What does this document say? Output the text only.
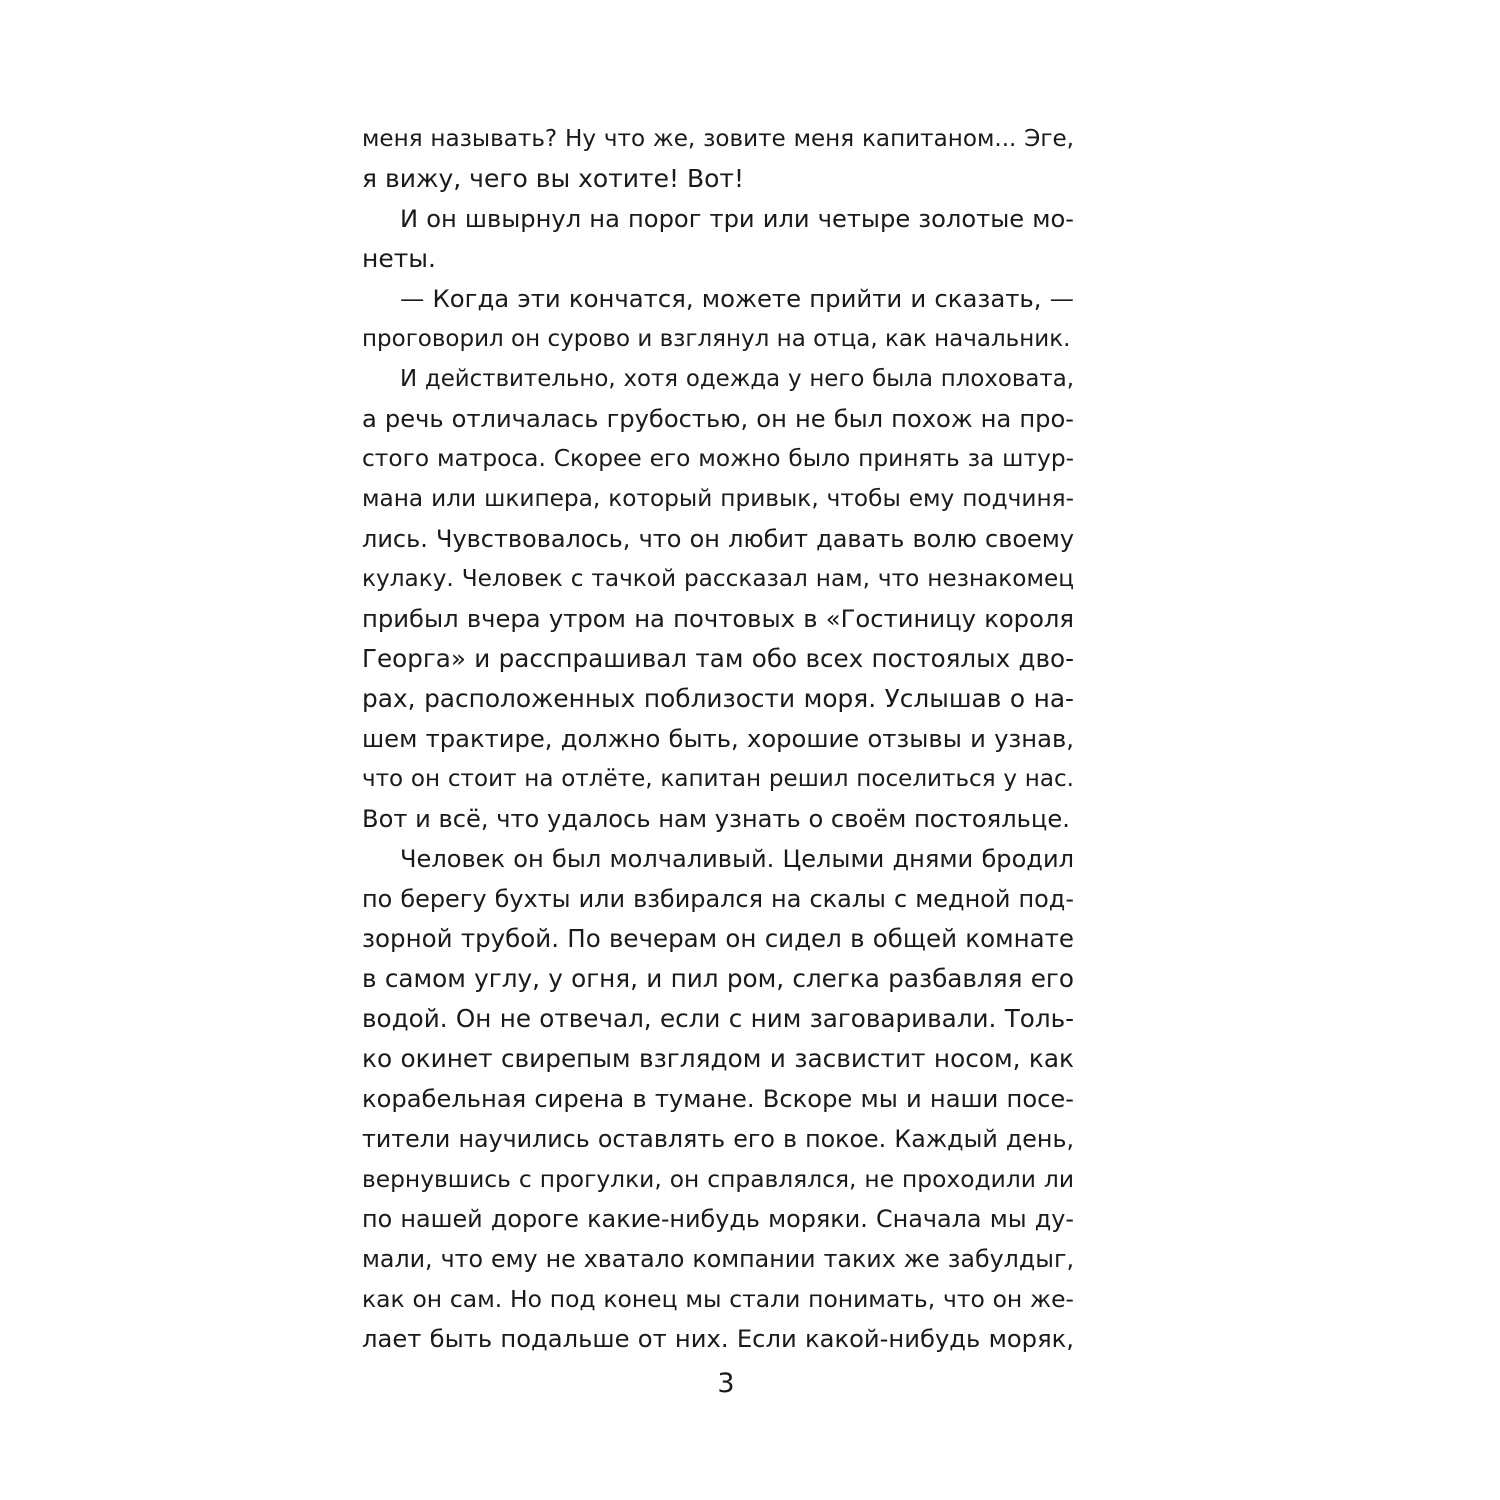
меня называть? Ну что же, зовите меня капитаном... Эге,
я вижу, чего вы хотите! Вот!
И он швырнул на порог три или четыре золотые мо-
неты.
— Когда эти кончатся, можете прийти и сказать, —
проговорил он сурово и взглянул на отца, как начальник.
И действительно, хотя одежда у него была плоховата,
а речь отличалась грубостью, он не был похож на про-
стого матроса. Скорее его можно было принять за штур-
мана или шкипера, который привык, чтобы ему подчиня-
лись. Чувствовалось, что он любит давать волю своему
кулаку. Человек с тачкой рассказал нам, что незнакомец
прибыл вчера утром на почтовых в «Гостиницу короля
Георга» и расспрашивал там обо всех постоялых дво-
рах, расположенных поблизости моря. Услышав о на-
шем трактире, должно быть, хорошие отзывы и узнав,
что он стоит на отлёте, капитан решил поселиться у нас.
Вот и всё, что удалось нам узнать о своём постояльце.
Человек он был молчаливый. Целыми днями бродил
по берегу бухты или взбирался на скалы с медной под-
зорной трубой. По вечерам он сидел в общей комнате
в самом углу, у огня, и пил ром, слегка разбавляя его
водой. Он не отвечал, если с ним заговаривали. Толь-
ко окинет свирепым взглядом и засвистит носом, как
корабельная сирена в тумане. Вскоре мы и наши посе-
тители научились оставлять его в покое. Каждый день,
вернувшись с прогулки, он справлялся, не проходили ли
по нашей дороге какие-нибудь моряки. Сначала мы ду-
мали, что ему не хватало компании таких же забулдыг,
как он сам. Но под конец мы стали понимать, что он же-
лает быть подальше от них. Если какой-нибудь моряк,
3
